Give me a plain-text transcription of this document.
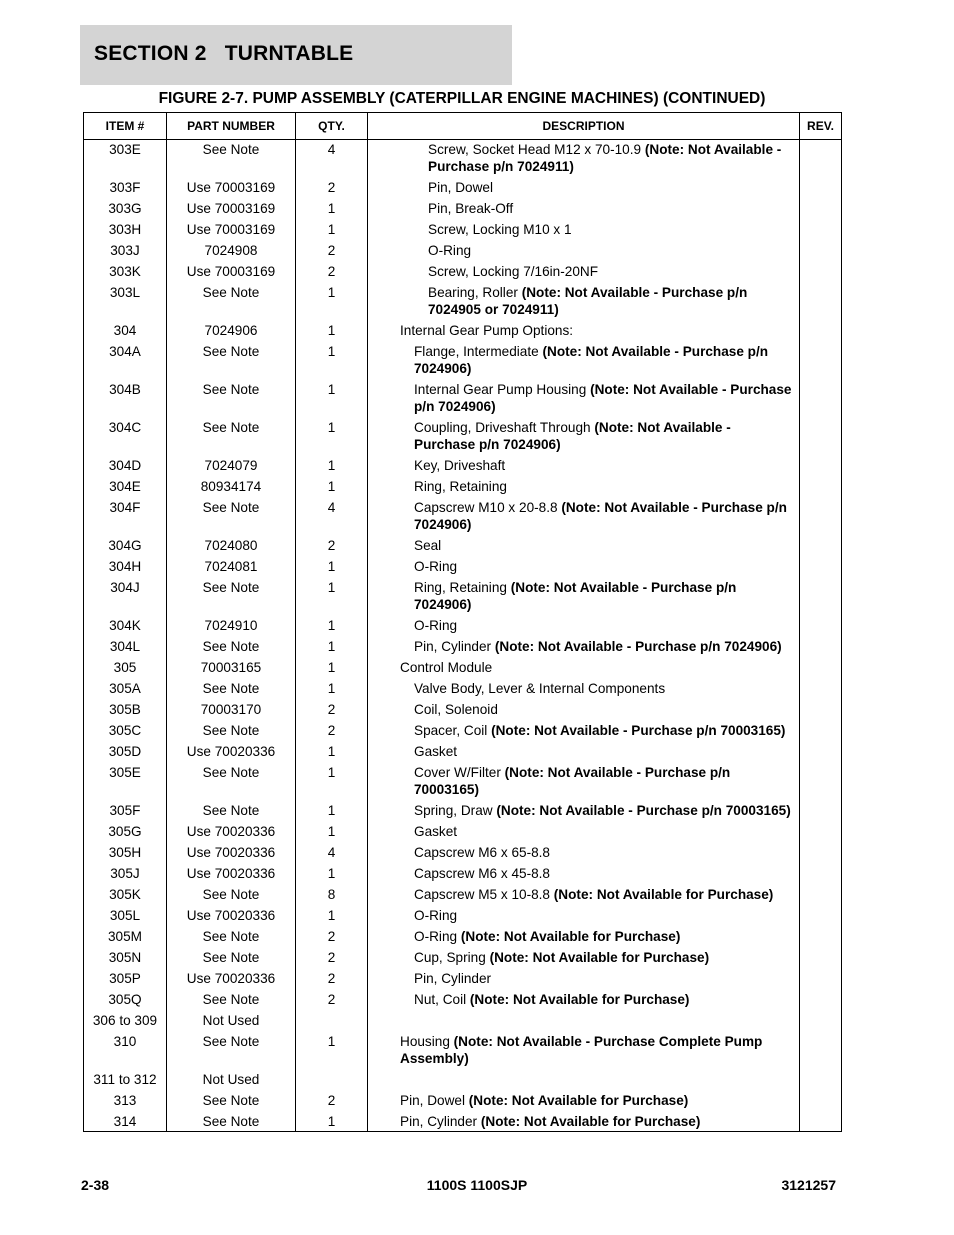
SECTION 2   TURNTABLE
FIGURE 2-7. PUMP ASSEMBLY (CATERPILLAR ENGINE MACHINES) (CONTINUED)
ITEM #	PART NUMBER	QTY.	DESCRIPTION	REV.
303E	See Note	4	Screw, Socket Head M12 x 70-10.9 (Note: Not Available - Purchase p/n 7024911)	
303F	Use 70003169	2	Pin, Dowel	
303G	Use 70003169	1	Pin, Break-Off	
303H	Use 70003169	1	Screw, Locking M10 x 1	
303J	7024908	2	O-Ring	
303K	Use 70003169	2	Screw, Locking 7/16in-20NF	
303L	See Note	1	Bearing, Roller (Note: Not Available - Purchase p/n 7024905 or 7024911)	
304	7024906	1	Internal Gear Pump Options:	
304A	See Note	1	Flange, Intermediate (Note: Not Available - Purchase p/n 7024906)	
304B	See Note	1	Internal Gear Pump Housing (Note: Not Available - Purchase p/n 7024906)	
304C	See Note	1	Coupling, Driveshaft Through (Note: Not Available - Purchase p/n 7024906)	
304D	7024079	1	Key, Driveshaft	
304E	80934174	1	Ring, Retaining	
304F	See Note	4	Capscrew M10 x 20-8.8 (Note: Not Available - Purchase p/n 7024906)	
304G	7024080	2	Seal	
304H	7024081	1	O-Ring	
304J	See Note	1	Ring, Retaining (Note: Not Available - Purchase p/n 7024906)	
304K	7024910	1	O-Ring	
304L	See Note	1	Pin, Cylinder (Note: Not Available - Purchase p/n 7024906)	
305	70003165	1	Control Module	
305A	See Note	1	Valve Body, Lever & Internal Components	
305B	70003170	2	Coil, Solenoid	
305C	See Note	2	Spacer, Coil (Note: Not Available - Purchase p/n 70003165)	
305D	Use 70020336	1	Gasket	
305E	See Note	1	Cover W/Filter (Note: Not Available - Purchase p/n 70003165)	
305F	See Note	1	Spring, Draw (Note: Not Available - Purchase p/n 70003165)	
305G	Use 70020336	1	Gasket	
305H	Use 70020336	4	Capscrew M6 x 65-8.8	
305J	Use 70020336	1	Capscrew M6 x 45-8.8	
305K	See Note	8	Capscrew M5 x 10-8.8 (Note: Not Available for Purchase)	
305L	Use 70020336	1	O-Ring	
305M	See Note	2	O-Ring (Note: Not Available for Purchase)	
305N	See Note	2	Cup, Spring (Note: Not Available for Purchase)	
305P	Use 70020336	2	Pin, Cylinder	
305Q	See Note	2	Nut, Coil (Note: Not Available for Purchase)	
306 to 309	Not Used			
310	See Note	1	Housing (Note: Not Available - Purchase Complete Pump Assembly)	
311 to 312	Not Used			
313	See Note	2	Pin, Dowel (Note: Not Available for Purchase)	
314	See Note	1	Pin, Cylinder (Note: Not Available for Purchase)	
2-38	1100S 1100SJP	3121257
